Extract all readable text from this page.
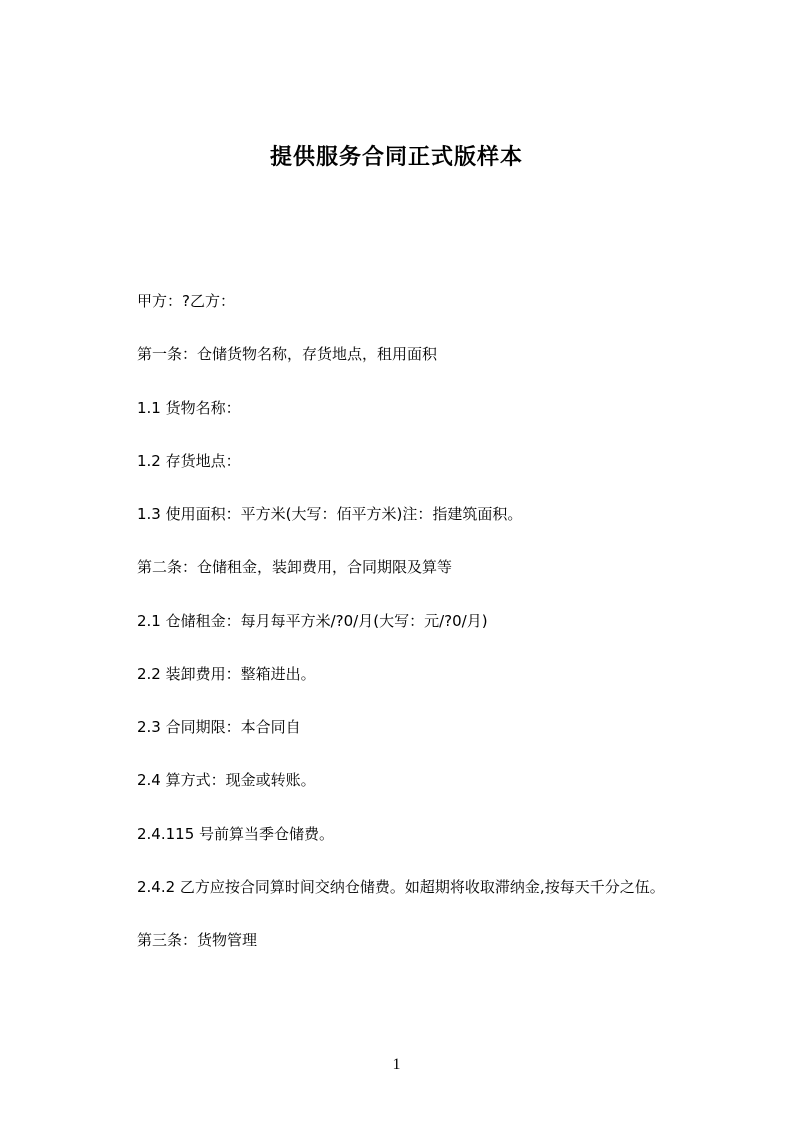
提供服务合同正式版样本
甲方：?乙方：
第一条：仓储货物名称，存货地点，租用面积
1.1 货物名称：
1.2 存货地点：
1.3 使用面积：平方米(大写：佰平方米)注：指建筑面积。
第二条：仓储租金，装卸费用，合同期限及算等
2.1 仓储租金：每月每平方米/?0/月(大写：元/?0/月)
2.2 装卸费用：整箱进出。
2.3 合同期限：本合同自
2.4 算方式：现金或转账。
2.4.115 号前算当季仓储费。
2.4.2 乙方应按合同算时间交纳仓储费。如超期将收取滞纳金,按每天千分之伍。
第三条：货物管理
1
